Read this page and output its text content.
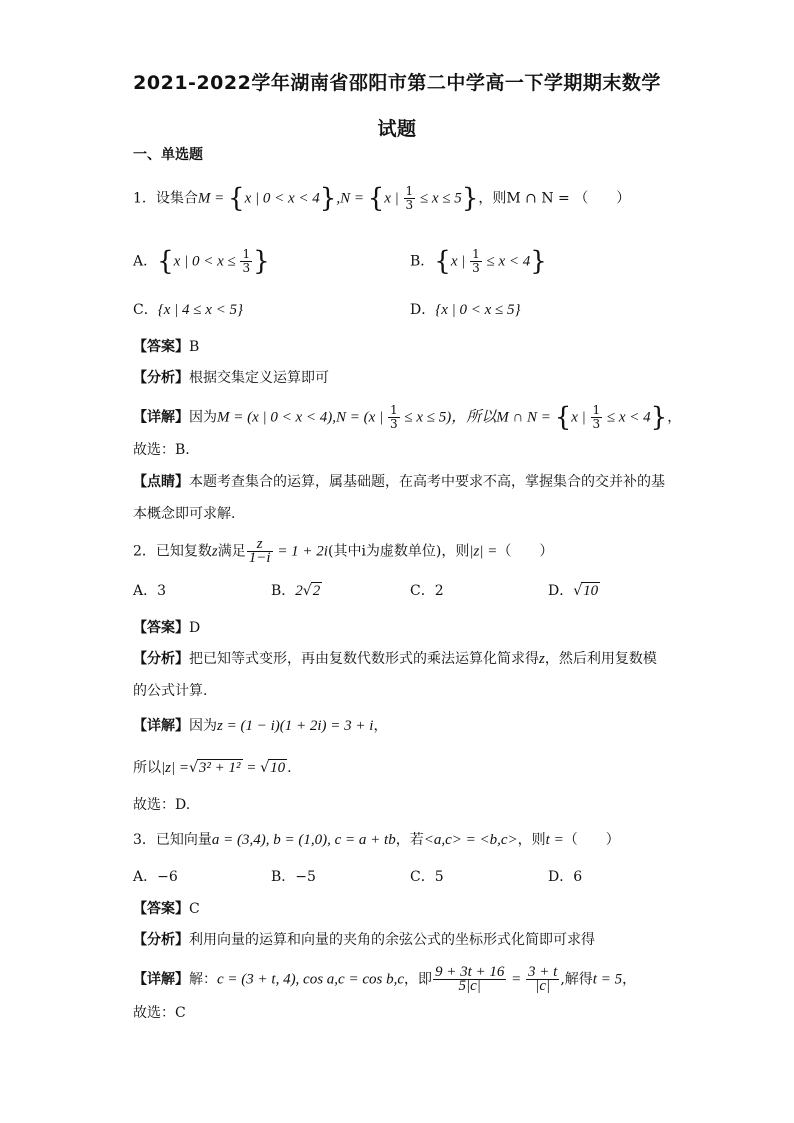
2021-2022学年湖南省邵阳市第二中学高一下学期期末数学
试题
一、单选题
1．设集合M = {x | 0 < x < 4},N = {x | $\frac{1}{3} \le x \le 5$}，则M ∩ N = （　　）
A．{x | $0 < x \le \frac{1}{3}$ }	B．{x | $\frac{1}{3} \le x < 4$}
C．{x | 4 ≤ x < 5}	D．{x | 0 < x ≤ 5}
【答案】B
【分析】根据交集定义运算即可
【详解】因为M = (x | 0 < x < 4),N = (x | $\frac{1}{3} \le x \le 5$)，所以M ∩ N = {x | $\frac{1}{3} \le x < 4$}，
故选：B.
【点睛】本题考查集合的运算，属基础题，在高考中要求不高，掌握集合的交并补的基
本概念即可求解.
2．已知复数z满足 $\frac{z}{1-i} = 1 + 2i$(其中i为虚数单位)，则|z| =（　　）
A．3	B．2√2	C．2	D．√10
【答案】D
【分析】把已知等式变形，再由复数代数形式的乘法运算化简求得z，然后利用复数模
的公式计算.
【详解】因为z = (1 − i)(1 + 2i) = 3 + i，
所以|z| =√3² + 1² = √10 .
故选：D.
3．已知向量a = (3,4), b = (1,0), c = a + tb，若<a,c> = <b,c>，则t =（　　）
A．−6	B．−5	C．5	D．6
【答案】C
【分析】利用向量的运算和向量的夹角的余弦公式的坐标形式化简即可求得
【详解】解：c = (3 + t, 4), cos a,c = cos b,c，即 $\frac{9 + 3t + 16}{5|c|} = \frac{3 + t}{|c|}$ ,解得t = 5，
故选：C
